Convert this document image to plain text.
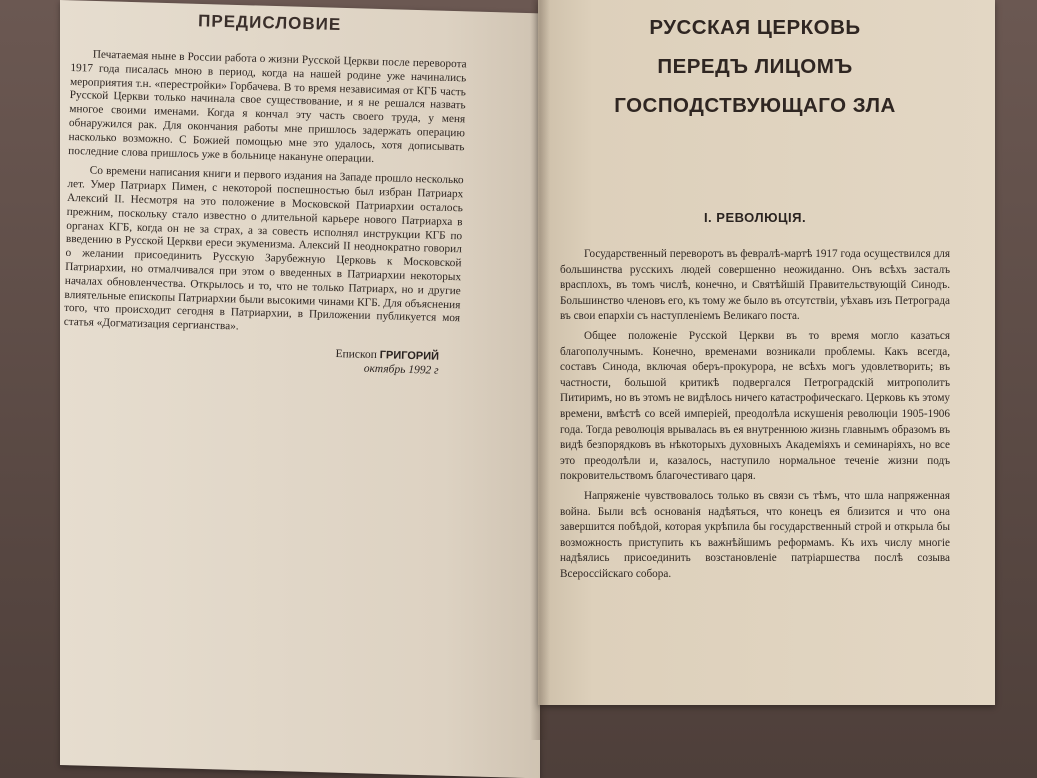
ПРЕДИСЛОВИЕ

Печатаемая ныне в России работа о жизни Русской Церкви после переворота 1917 года писалась мною в период, когда на нашей родине уже начинались мероприятия т.н. «перестройки» Горбачева. В то время независимая от КГБ часть Русской Церкви только начинала свое существование, и я не решался назвать многое своими именами. Когда я кончал эту часть своего труда, у меня обнаружился рак. Для окончания работы мне пришлось задержать операцию насколько возможно. С Божией помощью мне это удалось, хотя дописывать последние слова пришлось уже в больнице накануне операции.

Со времени написания книги и первого издания на Западе прошло несколько лет. Умер Патриарх Пимен, с некоторой поспешностью был избран Патриарх Алексий II. Несмотря на это положение в Московской Патриархии осталось прежним, поскольку стало известно о длительной карьере нового Патриарха в органах КГБ, когда он не за страх, а за совесть исполнял инструкции КГБ по введению в Русской Церкви ереси экуменизма. Алексий II неоднократно говорил о желании присоединить Русскую Зарубежную Церковь к Московской Патриархии, но отмалчивался при этом о введенных в Патриархии некоторых началах обновленчества. Открылось и то, что не только Патриарх, но и другие влиятельные епископы Патриархии были высокими чинами КГБ. Для объяснения того, что происходит сегодня в Патриархии, в Приложении публикуется моя статья «Догматизация сергианства».

Епископ ГРИГОРИЙ
октябрь 1992 г
РУССКАЯ ЦЕРКОВЬ
ПЕРЕДЪ ЛИЦОМЪ
ГОСПОДСТВУЮЩАГО ЗЛА
I. РЕВОЛЮЦIЯ.

Государственный переворотъ въ февралѣ-мартѣ 1917 года осуществился для большинства русскихъ людей совершенно неожиданно. Онъ всѣхъ засталъ врасплохъ, въ томъ числѣ, конечно, и Святѣйшiй Правительствующiй Синодъ. Большинство членовъ его, къ тому же было въ отсутствiи, уѣхавъ изъ Петрограда въ свои епархiи съ наступленiемъ Великаго поста.

Общее положенiе Русской Церкви въ то время могло казаться благополучнымъ. Конечно, временами возникали проблемы. Какъ всегда, составъ Синода, включая оберъ-прокурора, не всѣхъ могъ удовлетворить; въ частности, большой критикѣ подвергался Петроградскiй митрополитъ Питиримъ, но въ этомъ не видѣлось ничего катастрофическаго. Церковь къ этому времени, вмѣстѣ со всей имперiей, преодолѣла искушенiя революцiи 1905-1906 года. Тогда революцiя врывалась въ ея внутреннюю жизнь главнымъ образомъ въ видѣ безпорядковъ въ нѣкоторыхъ духовныхъ Академiяхъ и семинарiяхъ, но все это преодолѣли и, казалось, наступило нормальное теченiе жизни подъ покровительствомъ благочестиваго царя.

Напряженiе чувствовалось только въ связи съ тѣмъ, что шла напряженная война. Были всѣ основанiя надѣяться, что конецъ ея близится и что она завершится побѣдой, которая укрѣпила бы государственный строй и открыла бы возможность приступить къ важнѣйшимъ реформамъ. Къ ихъ числу многiе надѣялись присоединить возстановленiе патрiаршества послѣ созыва Всероссiйскаго собора.
